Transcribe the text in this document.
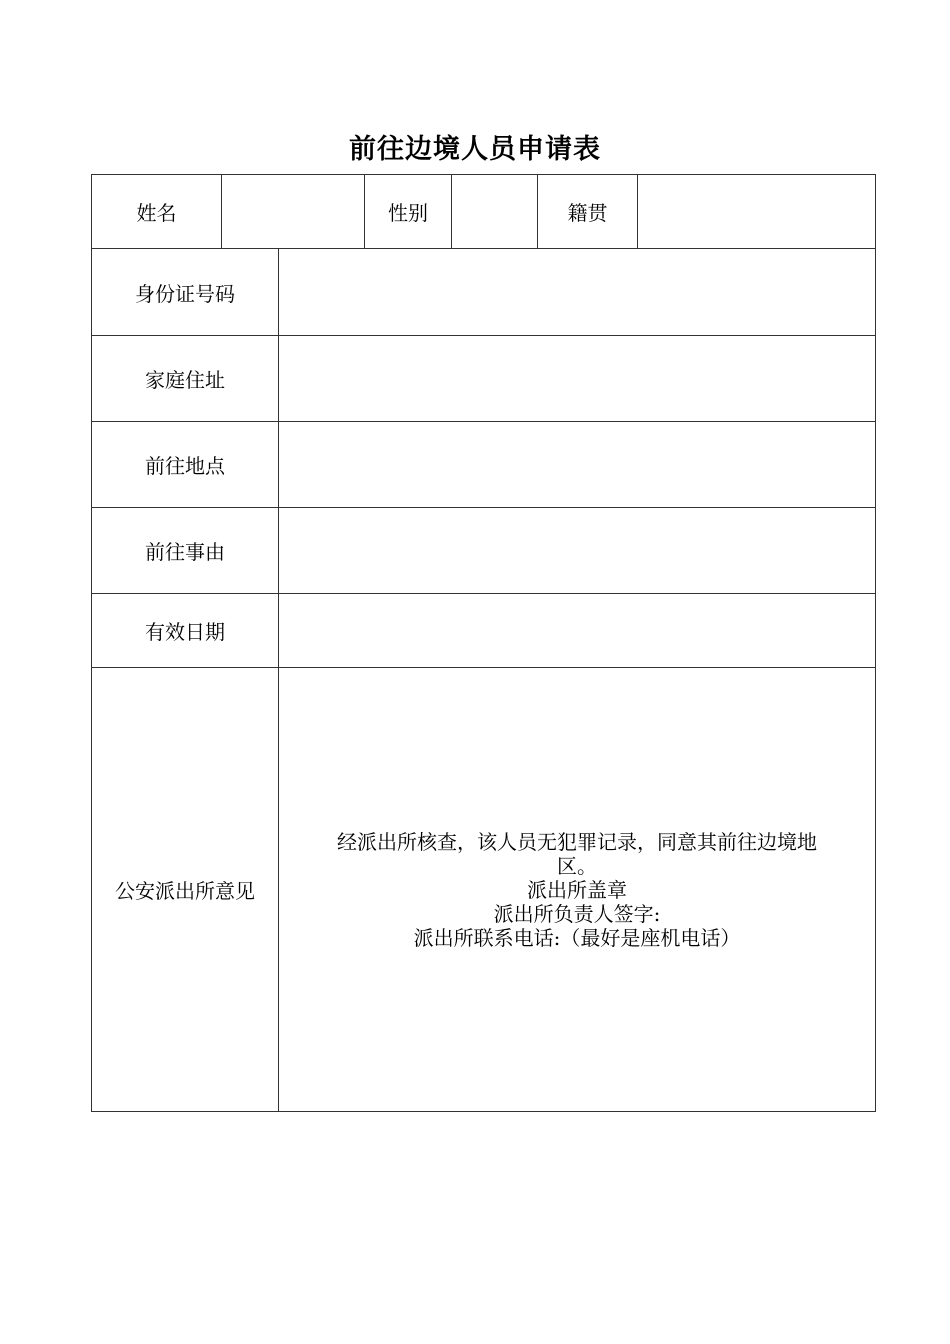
前往边境人员申请表
姓名	性别	籍贯
身份证号码
家庭住址
前往地点
前往事由
有效日期
公安派出所意见
经派出所核查，该人员无犯罪记录，同意其前往边境地
区。
派出所盖章
派出所负责人签字:
派出所联系电话:（最好是座机电话）
